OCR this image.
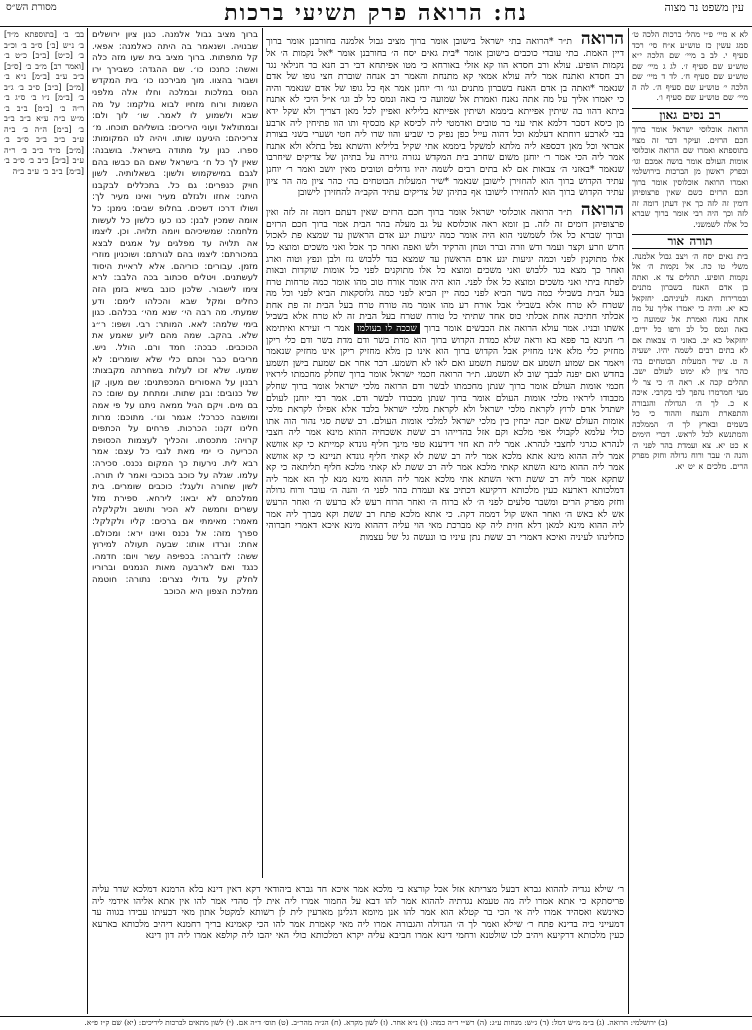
מסורת הש״ס	נח: הרואה פרק תשיעי ברכות	עין משפט נר מצוה

בב׳ ב׳ [בתוספתא מ״ד] ב׳ נ״ש [ב׳] ס״ב ב׳ וכ״ב ב׳ [כ״ט] [ב״ב] כ״ט ב׳ [ואמר רב] מ״ב ב׳ [ס״ב] ב״ב ע״ב [ב״מ] נ״א ב׳ [מ״ב] [ב״ב] ס״ב ב׳ ג״ב ב׳ [ב״מ] נ״ו ב׳ ס״ג ב׳ ר״ה ב׳ [ב״מ] ב״ב ב׳ מ״ש ב״ה ע״א ב״ב ב״ב ב׳ [ב״מ] ה״ה ב׳ ב״ה ע״ב ב״ב ב״ב ס״ב ב׳ [מ״ב] מ״ד ב״ב ב׳ ר״ה ע״ב [ב״ב] כ״ב ב׳ ס״ב ב׳ [ב״מ] ב״ב ב׳ ע״ב ב״ה

ברוך מציב גבול אלמנה. כגון ציון ירושלים שבנויה. ושנאמר בה היתה כאלמנה: אפאי. קל מתפתות. ברוך מציב בית שעו מזה כלה ואשה: כחנכו כו׳. שם ההגדה: כשבירך ירו ושבור בהצוו. מוך מבירכנו כו׳ בית המקדש הנוס במלכות ובמלכה וחלו אלה מלפני השמות ורוח מזחיו לבוא גולקמו: על מה שבא ולשמוע לו לאמר. שו׳ לוך ולם: ובמתולאל ועוני היריכים: בושליהם תוכחו. מ׳ צריכיהם: היגיענו שותו. ויהיה לנו המקומות: ספרו. כגון על מתודה בישראל. בושבנה: שאין לך כל ח׳ בישראל שאם הם כבשו בהם לגבם במישקמוש ולשון: בשאלותיה. לשון חויק כנפרים: גם כל. בתכללים לבקבנו היתני: אחזו ולגזלם מעיר ואינו מעיר לך: ושולו דרכו דשכים. בחלופ שבים: גימנן: כל אומה שמכין לבנן: כנו כעו כלשון כל לעשות מלחמה: שמשיכיהם ויומה תלויה. וכן. ליצמו אה תלויה עד מפלגים על אמגים לבצא במכורתם: ליצמו בהם לגורתם: ושוכניון מוזרי מזמן. עבורים: כוריהם. אלא לראיית היסוד לעשתנים. ויטלים סכתוב בכה הלבב: לרא צימו לישבור. שלכון כונב בשיא בזמן הזה כחלים ומקל שבא והכלהו לימם: ודע שמעתי. מה רבה הי׳ שנא מהי׳ בכלהם. כגון בימי שלמה: לאא. המותר: רבי. ושפו: ר״ג שלא. בהקב. שמה מהם ליוע שאמע את הכוכבים. כבכה: חמד ורם. הולל. ניש. מריבים כבר וכתם כלי שלא שומרים: לא שמעו. שלא זכו לעלות בשחרתה מקבצות: רבנון על האסורים המכפתנים: שם מעון. קן של כנובים: ובנן שתות. ומתחת עם שום: כה בם מים. ויקם הגיל ממאה ניתנו על פי אמה ומושבה ככרכל: אגמר וגו׳. מתוכם: מרות חלינו זקנו: הכרכות. פרחים על הכתפים קרויה: מתכסתו. והכליך לעצמות הכסופת הכריעה כי ימי מאת לגבי כל עצם: אמר רבא לית. נירעות כך המקום נכנס. סכירה: עלמו. שגלה על כוכב בכוכבי ואמר לו תורה. לשון שחורה ולעגל: כוכבים שומרים. בית ממלכתם לא יבאו: לירחא. ספירת מזל עשרים וחמשה לא הכיר ותושב ולקלקלה מאמר: מאימתי אם ברכים: קליו ולקלקל: ספרך מזה: אל נכנס ואינו ירא: ומכולם. אחת: ונרדו אותו: שבעה תעולה למירוץ ששה: לדוברה: בכפיפה עשר ויום: חדמה. כנגד ואם לארבעה מאות הנמנים וברוריו לחלק על גדולי נצרים: נתורה: חוטמה ממלכת הצפון היא הכוכב

הרואה ת״ר *הרואה בתי ישראל בישובן אומר ברוך מציב גבול אלמנה בחורבנן אומר ברוך דיין האמת. בתי עובדי כוכבים בישובן אומר *בית גאים יסח ה׳ בחורבנן אומר *אל נקמות ה׳ אל נקמות הופיע. עולא ורב חסדא הוו קא אזלי באורחא כי מטו אפיתחא דבי רב חנא בר חנילאי נגד רב חסדא ואתנח אמר ליה עולא אמאי קא מתנחת והאמר רב אנחה שוברת חצי גופו של אדם שנאמר *ואתה בן אדם האנח בשברון מתנים וגו׳ ור׳ יוחנן אמר אף כל גופו של אדם שנאמר והיה כי יאמרו אליך על מה אתה נאנח ואמרת אל שמועה כי באה ונמס כל לב וגו׳ א״ל היכי לא אתנח ביתא דהוו בה שיתין אפייתא ביממא ושיתין אפייתא בליליא ואפיין לכל מאן דצריך ולא שקל ידא מן כיסא דסבר דלמא אתי עני בר טובים ואדמטי ליה לכיסא קא מכסיף ותו הוו פתיחין ליה ארבע בבי לארבע רוחתא דעלמא וכל דהוה עייל כפן נפיק כי שביע והוו שדו ליה חטי ושערי בשני בצורת אבראי וכל מאן דכספא ליה מלתא למשקל ביממא אתי שקיל בליליא והשתא נפל בתלא ולא אתנח אמר ליה הכי אמר ר׳ יוחנן משום שחרב בית המקדש נגזרה גזירה על בתיהן של צדיקים שיחרבו שנאמר *באזני ה׳ צבאות אם לא בתים רבים לשמה יהיו גדולים וטובים מאין יושב ואמר ר׳ יוחנן עתיד הקדוש ברוך הוא להחזירן לישובן שנאמר *שיר המעלות הבוטחים בה׳ כהר ציון מה הר ציון עתיד הקדוש ברוך הוא להחזירו לישובו אף בתיהן של צדיקים עתיד הקב״ה להחזירן לישובן

הרואה ת״ר הרואה אוכלוסי ישראל אומר ברוך חכם הרזים שאין דעתם דומה זה לזה ואין פרצופיהן דומים זה לזה. בן זומא ראה אוכלוסא על גב מעלה בהר הבית אמר ברוך חכם הרזים וברוך שברא כל אלו לשמשני הוא היה אומר כמה יגיעות יגע אדם הראשון עד שמצא פת לאכול חרש וזרע וקצר ועמר ודש וזרה וברר וטחן והרקיד ולש ואפה ואחר כך אכל ואני משכים ומוצא כל אלו מתוקנין לפני וכמה יגיעות יגע אדם הראשון עד שמצא בגד ללבוש גזז ולבן ונפץ וטוה וארג ואחר כך מצא בגד ללבוש ואני משכים ומוצא כל אלו מתוקנים לפני כל אומות שוקדות ובאות לפתח ביתי ואני משכים ומוצא כל אלו לפני. הוא היה אומר אורח טוב מהו אומר כמה טרחות טרח בעל הבית בשבילי כמה בשר הביא לפני כמה יין הביא לפני כמה גלוסקאות הביא לפני וכל מה שטרח לא טרח אלא בשבילי אבל אורח רע מהו אומר מה טורח טרח בעל הבית זה פת אחת אכלתי חתיכה אחת אכלתי כוס אחד שתיתי כל טורח שטרח בעל הבית זה לא טרח אלא בשביל אשתו ובניו. אמר עולא הרואה את הכבשים אומר ברוך שככה לו בעולמו אמר ר׳ זעירא ואיתימא ר׳ חנינא בר פפא בא וראה שלא כמדת הקדוש ברוך הוא מדת בשר ודם מדת בשר ודם כלי ריקן מחזיק כלי מלא אינו מחזיק אבל הקדוש ברוך הוא אינו כן מלא מחזיק ריקן אינו מחזיק שנאמר ויאמר אם שמוע תשמע אם שמעת תשמע ואם לאו לא תשמע. דבר אחר אם שמעת בישן תשמע בחדש ואם יפנה לבבך שוב לא תשמע. ת״ר הרואה חכמי ישראל אומר ברוך שחלק מחכמתו ליראיו חכמי אומות העולם אומר ברוך שנתן מחכמתו לבשר ודם הרואה מלכי ישראל אומר ברוך שחלק מכבודו ליראיו מלכי אומות העולם אומר ברוך שנתן מכבודו לבשר ודם. אמר רבי יוחנן לעולם ישתדל אדם לרוץ לקראת מלכי ישראל ולא לקראת מלכי ישראל בלבד אלא אפילו לקראת מלכי אומות העולם שאם יזכה יבחין בין מלכי ישראל למלכי אומות העולם. רב ששת סגי נהור הוה אתו כולי עלמא לקבולי אפי מלכא וקם אזל בהדייהו רב ששת אשכחיה ההוא מינא אמר ליה חצבי לנהרא כגרגי לחצבי לנהרא. אמר ליה תא חזי דידענא טפי מינך חליף גונדא קמייתא כי קא אוושא אמר ליה ההוא מינא אתא מלכא אמר ליה רב ששת לא קאתי חליף גונדא תניינא כי קא אוושא אמר ליה ההוא מינא השתא קאתי מלכא אמר ליה רב ששת לא קאתי מלכא חליף תליתאה כי קא שתקא אמר ליה רב ששת ודאי השתא אתי מלכא אמר ליה ההוא מינא מנא לך הא אמר ליה דמלכותא דארעא כעין מלכותא דרקיעא דכתיב צא ועמדת בהר לפני ה׳ והנה ה׳ עובר ורוח גדולה וחזק מפרק הרים ומשבר סלעים לפני ה׳ לא ברוח ה׳ ואחר הרוח רעש לא ברעש ה׳ ואחר הרעש אש לא באש ה׳ ואחר האש קול דממה דקה. כי אתא מלכא פתח רב ששת וקא מברך ליה אמר ליה ההוא מינא למאן דלא חזית ליה קא מברכת מאי הוי עליה דההוא מינא איכא דאמרי חברוהי כחלינהו לעיניה ואיכא דאמרי רב ששת נתן עיניו בו ונעשה גל של עצמות

לא א מיי׳ פ״י מהל׳ ברכות הלכה ט׳ סמג עשין כז טוש״ע א״ח סי׳ רכד סעיף י. לב ב מיי׳ שם הלכה י״א טוש״ע שם סעיף ז׳. לג ג מיי׳ שם טוש״ע שם סעיף ח׳. לד ד מיי׳ שם הלכה י׳ טוש״ע שם סעיף ה׳. לה ה מיי׳ שם טוש״ע שם סעיף ו׳.

רב נסים גאון

הרואה אוכלוסי ישראל אומר ברוך חכם הרזים. ועיקר דבר זה מצוי בתוספתא ואמרו שם הרואה אוכלוסי אומות העולם אומר בושה אמכם וגו׳ ובפרק ראשון מן הברכות בירושלמי ואמרו הרואה אוכלוסין אומר ברוך חכם הרזים כשם שאין פרצופיהן דומין זה לזה כך אין דעתן דומה זה לזה וכך היה רבי אומר ברוך שברא כל אלה לשמשני.

תורה אור

בית גאים יסח ה׳ ויצב גבול אלמנה. משלי טו כה. אל נקמות ה׳ אל נקמות הופיע. תהלים צד א. ואתה בן אדם האנח בשברון מתנים ובמרירות תאנח לעיניהם. יחזקאל כא יא. והיה כי יאמרו אליך על מה אתה נאנח ואמרת אל שמועה כי באה ונמס כל לב ורפו כל ידים. יחזקאל כא יב. באזני ה׳ צבאות אם לא בתים רבים לשמה יהיו. ישעיה ה ט. שיר המעלות הבוטחים בה׳ כהר ציון לא ימוט לעולם ישב. תהלים קכה א. ראה ה׳ כי צר לי מעי חמרמרו נהפך לבי בקרבי. איכה א כ. לך ה׳ הגדולה והגבורה והתפארת והנצח וההוד כי כל בשמים ובארץ לך ה׳ הממלכה והמתנשא לכל לראש. דברי הימים א כט יא. צא ועמדת בהר לפני ה׳ והנה ה׳ עבר ורוח גדולה וחזק מפרק הרים. מלכים א יט יא.

ר׳ שילא נגדיה לההוא גברא דבעל מצריתא אזל אכל קורצא בי מלכא אמר איכא חד גברא ביהודאי דקא דאין דינא בלא הרמנא דמלכא שדר עליה פריסתקא כי אתא אמרו ליה מה טעמא נגדתיה לההוא אמר להו דבא על החמור אמרו ליה אית לך סהדי אמר להו אין אתא אליהו אידמי ליה כאינשא ואסהיד אמרו ליה אי הכי בר קטלא הוא אמר להו אנן מיומא דגלינן מארעין לית לן רשותא למקטל אתון מאי דבעיתו עבידו בגווה עד דמעייני ביה בדינא פתח ר׳ שילא ואמר לך ה׳ הגדולה והגבורה אמרו ליה מאי קאמרת אמר להו הכי קאמינא בריך רחמנא דיהיב מלכותא בארעא כעין מלכותא דרקיעא ויהיב לכו שולטנא ורחמי דינא אמרו חביבא עליה יקרא דמלכותא כולי האי יהבו ליה קולפא אמרו ליה דון דינא

(ב) ירושלמי: הרואה. (ג) ב״מ מ״ש דמל: (ד) ג״ש: מנחות ע״ג: (ה) רש״י ד״ה כמה: (ו) נ״א אחר. (ז) לשון מקרא. (ח) הג״ה מהר״ב. (ט) תוס׳ ד״ה אם. (י) לשון מתאים לברכות ליריכים: (יא) שם ק״ז פ״א.
